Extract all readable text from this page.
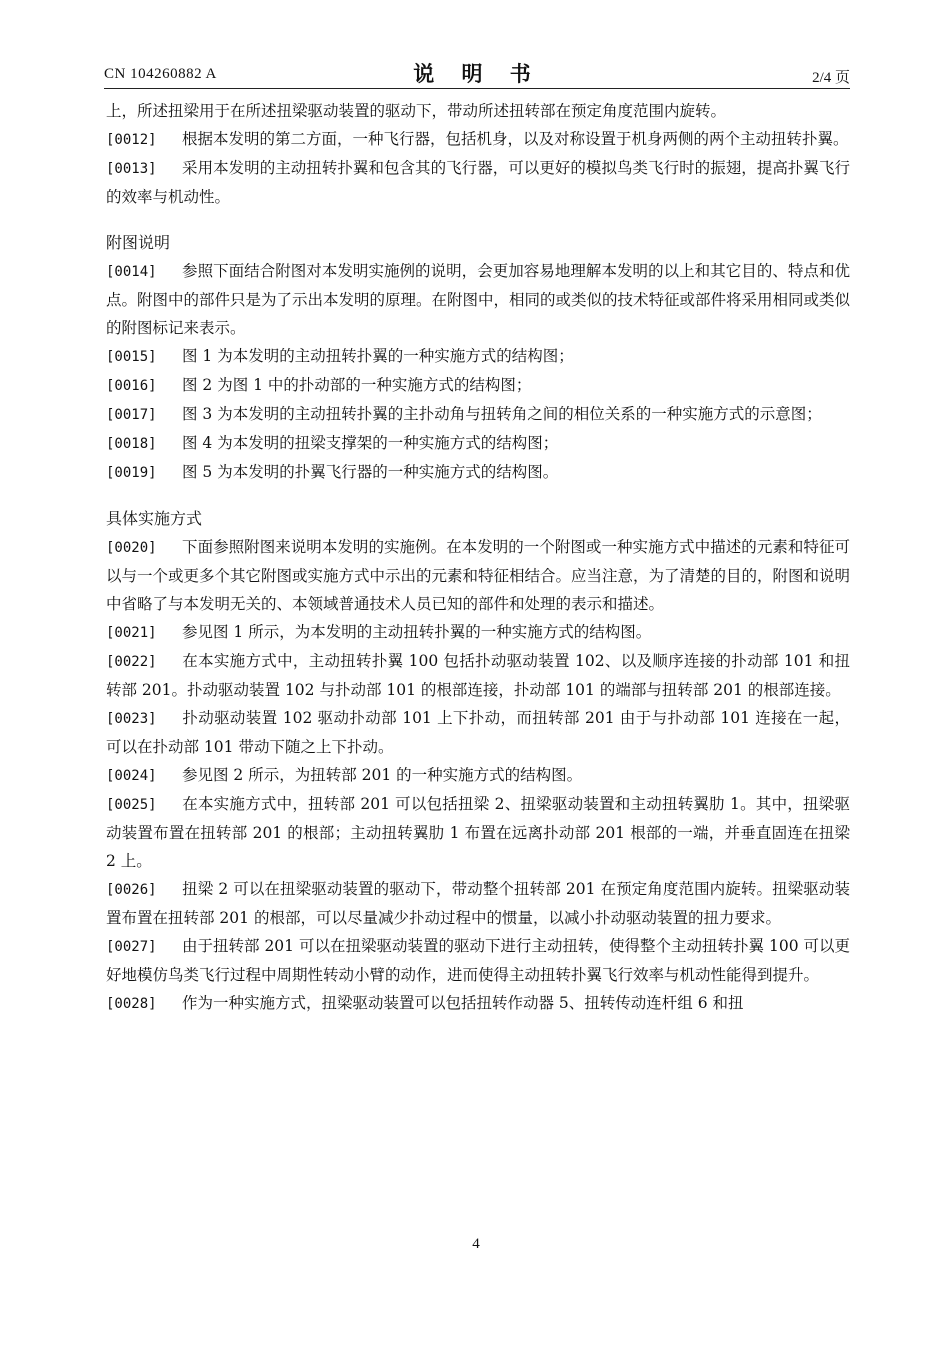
CN 104260882 A	说 明 书	2/4 页

上，所述扭梁用于在所述扭梁驱动装置的驱动下，带动所述扭转部在预定角度范围内旋转。

[0012] 根据本发明的第二方面，一种飞行器，包括机身，以及对称设置于机身两侧的两个主动扭转扑翼。

[0013] 采用本发明的主动扭转扑翼和包含其的飞行器，可以更好的模拟鸟类飞行时的振翅，提高扑翼飞行的效率与机动性。

附图说明

[0014] 参照下面结合附图对本发明实施例的说明，会更加容易地理解本发明的以上和其它目的、特点和优点。附图中的部件只是为了示出本发明的原理。在附图中，相同的或类似的技术特征或部件将采用相同或类似的附图标记来表示。

[0015] 图 1 为本发明的主动扭转扑翼的一种实施方式的结构图；

[0016] 图 2 为图 1 中的扑动部的一种实施方式的结构图；

[0017] 图 3 为本发明的主动扭转扑翼的主扑动角与扭转角之间的相位关系的一种实施方式的示意图；

[0018] 图 4 为本发明的扭梁支撑架的一种实施方式的结构图；

[0019] 图 5 为本发明的扑翼飞行器的一种实施方式的结构图。

具体实施方式

[0020] 下面参照附图来说明本发明的实施例。在本发明的一个附图或一种实施方式中描述的元素和特征可以与一个或更多个其它附图或实施方式中示出的元素和特征相结合。应当注意，为了清楚的目的，附图和说明中省略了与本发明无关的、本领域普通技术人员已知的部件和处理的表示和描述。

[0021] 参见图 1 所示，为本发明的主动扭转扑翼的一种实施方式的结构图。

[0022] 在本实施方式中，主动扭转扑翼 100 包括扑动驱动装置 102、以及顺序连接的扑动部 101 和扭转部 201。扑动驱动装置 102 与扑动部 101 的根部连接，扑动部 101 的端部与扭转部 201 的根部连接。

[0023] 扑动驱动装置 102 驱动扑动部 101 上下扑动，而扭转部 201 由于与扑动部 101 连接在一起，可以在扑动部 101 带动下随之上下扑动。

[0024] 参见图 2 所示，为扭转部 201 的一种实施方式的结构图。

[0025] 在本实施方式中，扭转部 201 可以包括扭梁 2、扭梁驱动装置和主动扭转翼肋 1。其中，扭梁驱动装置布置在扭转部 201 的根部；主动扭转翼肋 1 布置在远离扑动部 201 根部的一端，并垂直固连在扭梁 2 上。

[0026] 扭梁 2 可以在扭梁驱动装置的驱动下，带动整个扭转部 201 在预定角度范围内旋转。扭梁驱动装置布置在扭转部 201 的根部，可以尽量减少扑动过程中的惯量，以减小扑动驱动装置的扭力要求。

[0027] 由于扭转部 201 可以在扭梁驱动装置的驱动下进行主动扭转，使得整个主动扭转扑翼 100 可以更好地模仿鸟类飞行过程中周期性转动小臂的动作，进而使得主动扭转扑翼飞行效率与机动性能得到提升。

[0028] 作为一种实施方式，扭梁驱动装置可以包括扭转作动器 5、扭转传动连杆组 6 和扭

4
